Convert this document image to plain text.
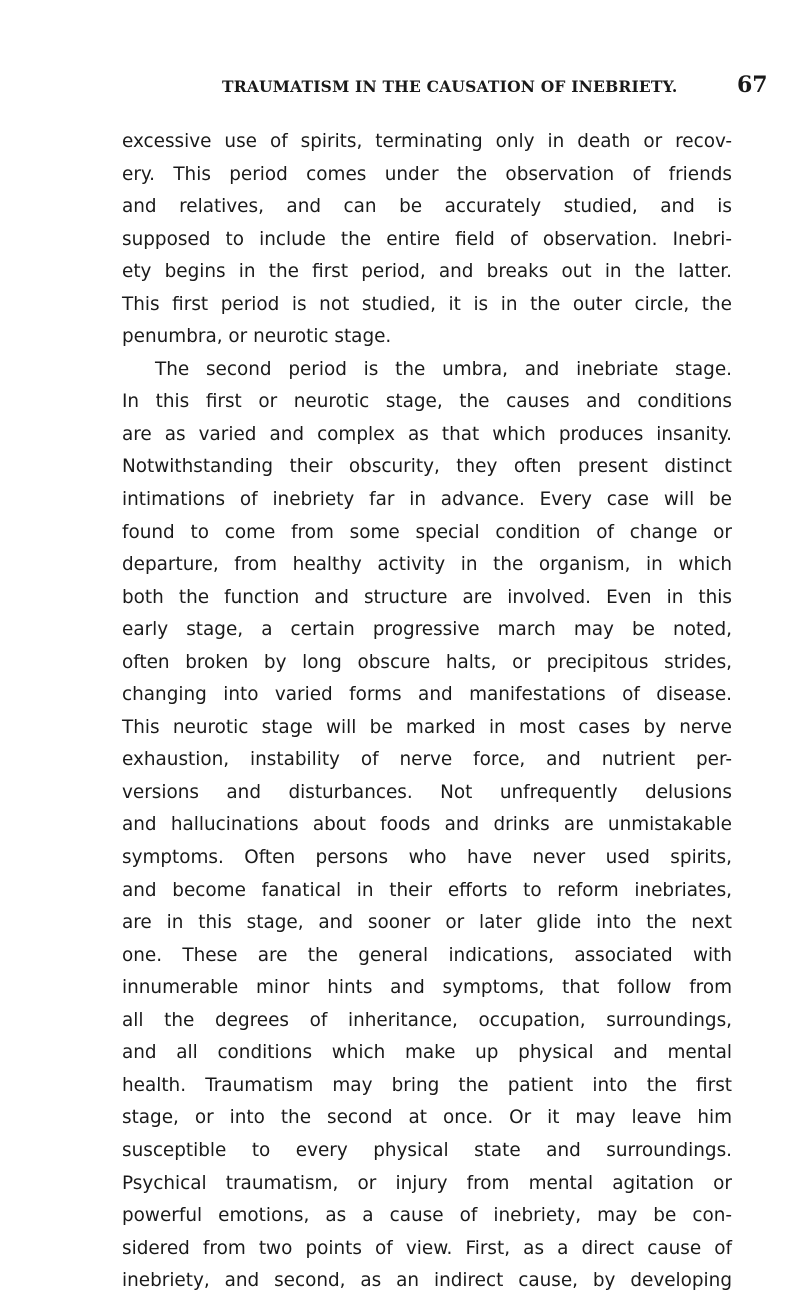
TRAUMATISM IN THE CAUSATION OF INEBRIETY.	67
excessive use of spirits, terminating only in death or recov-
ery. This period comes under the observation of friends
and relatives, and can be accurately studied, and is
supposed to include the entire field of observation. Inebri-
ety begins in the first period, and breaks out in the latter.
This first period is not studied, it is in the outer circle, the
penumbra, or neurotic stage.
The second period is the umbra, and inebriate stage.
In this first or neurotic stage, the causes and conditions
are as varied and complex as that which produces insanity.
Notwithstanding their obscurity, they often present distinct
intimations of inebriety far in advance. Every case will be
found to come from some special condition of change or
departure, from healthy activity in the organism, in which
both the function and structure are involved. Even in this
early stage, a certain progressive march may be noted,
often broken by long obscure halts, or precipitous strides,
changing into varied forms and manifestations of disease.
This neurotic stage will be marked in most cases by nerve
exhaustion, instability of nerve force, and nutrient per-
versions and disturbances. Not unfrequently delusions
and hallucinations about foods and drinks are unmistakable
symptoms. Often persons who have never used spirits,
and become fanatical in their efforts to reform inebriates,
are in this stage, and sooner or later glide into the next
one. These are the general indications, associated with
innumerable minor hints and symptoms, that follow from
all the degrees of inheritance, occupation, surroundings,
and all conditions which make up physical and mental
health. Traumatism may bring the patient into the first
stage, or into the second at once. Or it may leave him
susceptible to every physical state and surroundings.
Psychical traumatism, or injury from mental agitation or
powerful emotions, as a cause of inebriety, may be con-
sidered from two points of view. First, as a direct cause of
inebriety, and second, as an indirect cause, by developing
